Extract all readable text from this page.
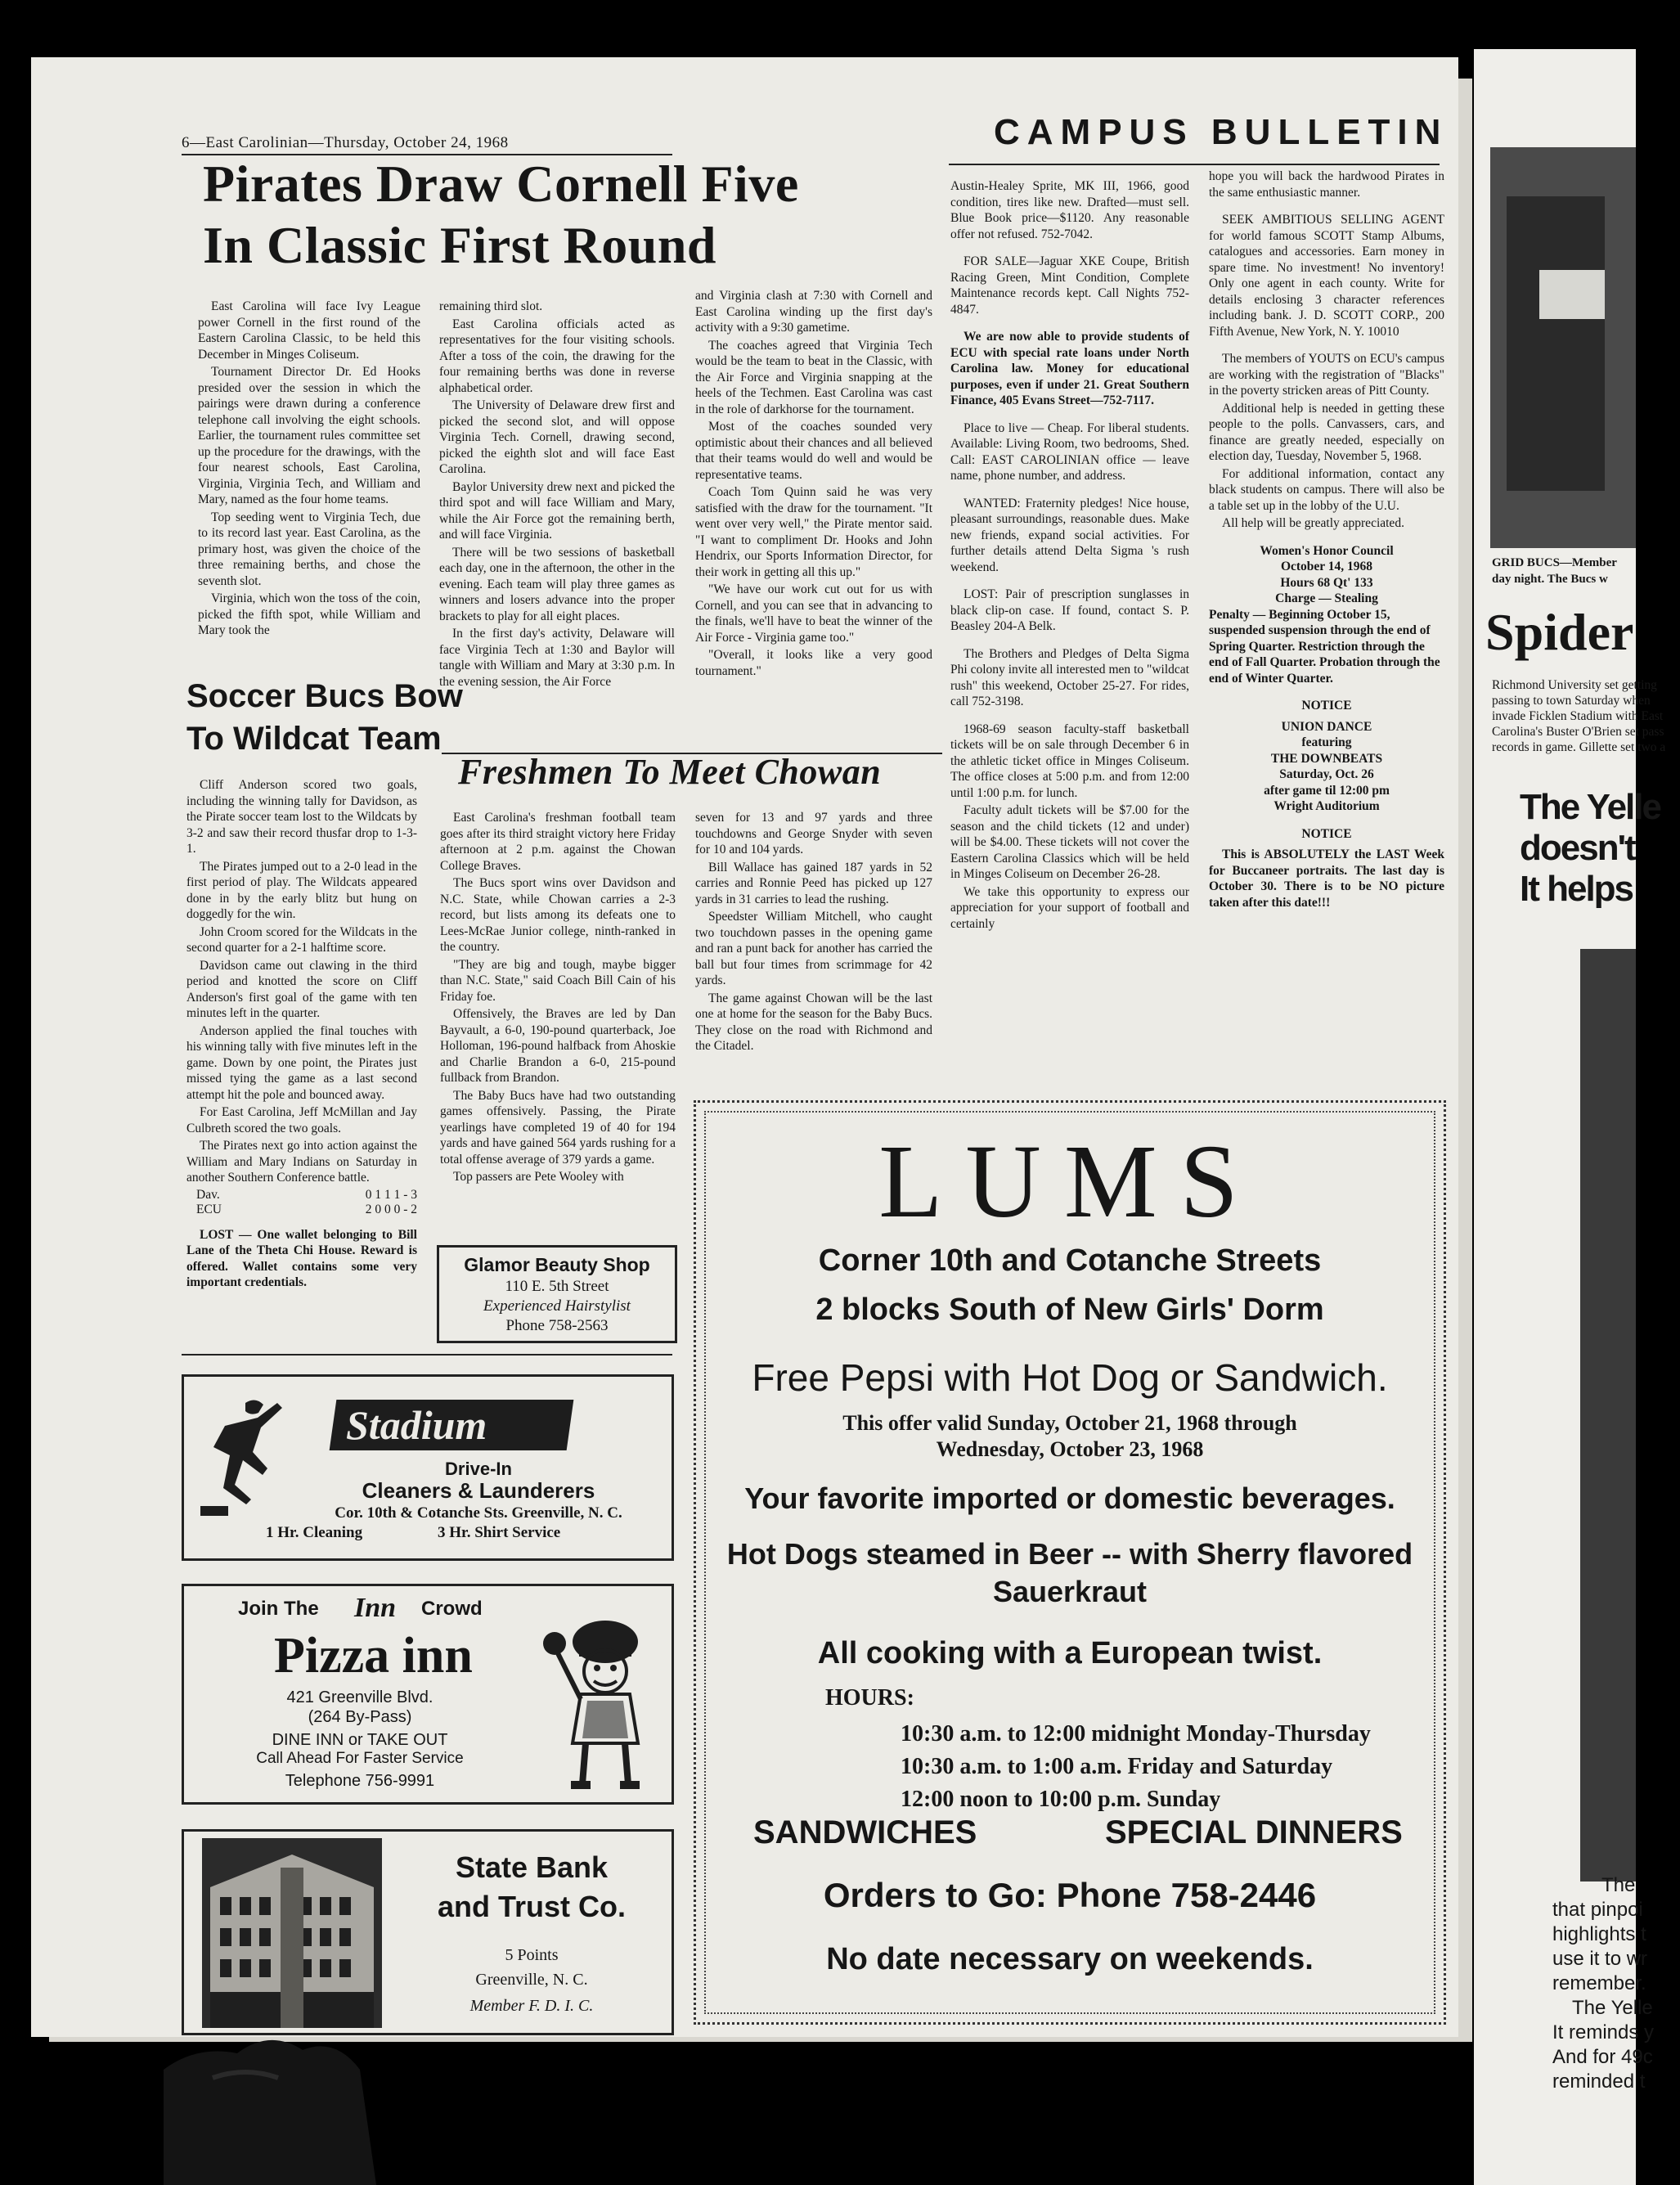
6—East Carolinian—Thursday, October 24, 1968	CAMPUS BULLETIN
Pirates Draw Cornell Five
In Classic First Round

East Carolina will face Ivy League power Cornell in the first round of the Eastern Carolina Classic, to be held this December in Minges Coliseum.

Tournament Director Dr. Ed Hooks presided over the session in which the pairings were drawn during a conference telephone call involving the eight schools. Earlier, the tournament rules committee set up the procedure for the drawings, with the four nearest schools, East Carolina, Virginia, Virginia Tech, and William and Mary, named as the four home teams.

Top seeding went to Virginia Tech, due to its record last year. East Carolina, as the primary host, was given the choice of the three remaining berths, and chose the seventh slot.

Virginia, which won the toss of the coin, picked the fifth spot, while William and Mary took the

remaining third slot.

East Carolina officials acted as representatives for the four visiting schools. After a toss of the coin, the drawing for the four remaining berths was done in reverse alphabetical order.

The University of Delaware drew first and picked the second slot, and will oppose Virginia Tech. Cornell, drawing second, picked the eighth slot and will face East Carolina.

Baylor University drew next and picked the third spot and will face William and Mary, while the Air Force got the remaining berth, and will face Virginia.

There will be two sessions of basketball each day, one in the afternoon, the other in the evening. Each team will play three games as winners and losers advance into the proper brackets to play for all eight places.

In the first day's activity, Delaware will face Virginia Tech at 1:30 and Baylor will tangle with William and Mary at 3:30 p.m. In the evening session, the Air Force

and Virginia clash at 7:30 with Cornell and East Carolina winding up the first day's activity with a 9:30 gametime.

The coaches agreed that Virginia Tech would be the team to beat in the Classic, with the Air Force and Virginia snapping at the heels of the Techmen. East Carolina was cast in the role of darkhorse for the tournament.

Most of the coaches sounded very optimistic about their chances and all believed that their teams would do well and would be representative teams.

Coach Tom Quinn said he was very satisfied with the draw for the tournament. "It went over very well," the Pirate mentor said. "I want to compliment Dr. Hooks and John Hendrix, our Sports Information Director, for their work in getting all this up."

"We have our work cut out for us with Cornell, and you can see that in advancing to the finals, we'll have to beat the winner of the Air Force - Virginia game too."

"Overall, it looks like a very good tournament."

Soccer Bucs Bow
To Wildcat Team

Cliff Anderson scored two goals, including the winning tally for Davidson, as the Pirate soccer team lost to the Wildcats by 3-2 and saw their record thusfar drop to 1-3-1.

The Pirates jumped out to a 2-0 lead in the first period of play. The Wildcats appeared done in by the early blitz but hung on doggedly for the win.

John Croom scored for the Wildcats in the second quarter for a 2-1 halftime score.

Davidson came out clawing in the third period and knotted the score on Cliff Anderson's first goal of the game with ten minutes left in the quarter.

Anderson applied the final touches with his winning tally with five minutes left in the game. Down by one point, the Pirates just missed tying the game as a last second attempt hit the pole and bounced away.

For East Carolina, Jeff McMillan and Jay Culbreth scored the two goals.

The Pirates next go into action against the William and Mary Indians on Saturday in another Southern Conference battle.

Dav.	0 1 1 1 - 3
ECU	2 0 0 0 - 2

LOST — One wallet belonging to Bill Lane of the Theta Chi House. Reward is offered. Wallet contains some very important credentials.

Freshmen To Meet Chowan

East Carolina's freshman football team goes after its third straight victory here Friday afternoon at 2 p.m. against the Chowan College Braves.

The Bucs sport wins over Davidson and N.C. State, while Chowan carries a 2-3 record, but lists among its defeats one to Lees-McRae Junior college, ninth-ranked in the country.

"They are big and tough, maybe bigger than N.C. State," said Coach Bill Cain of his Friday foe.

Offensively, the Braves are led by Dan Bayvault, a 6-0, 190-pound quarterback, Joe Holloman, 196-pound halfback from Ahoskie and Charlie Brandon a 6-0, 215-pound fullback from Brandon.

The Baby Bucs have had two outstanding games offensively. Passing, the Pirate yearlings have completed 19 of 40 for 194 yards and have gained 564 yards rushing for a total offense average of 379 yards a game.

Top passers are Pete Wooley with

seven for 13 and 97 yards and three touchdowns and George Snyder with seven for 10 and 104 yards.

Bill Wallace has gained 187 yards in 52 carries and Ronnie Peed has picked up 127 yards in 31 carries to lead the rushing.

Speedster William Mitchell, who caught two touchdown passes in the opening game and ran a punt back for another has carried the ball but four times from scrimmage for 42 yards.

The game against Chowan will be the last one at home for the season for the Baby Bucs. They close on the road with Richmond and the Citadel.

Austin-Healey Sprite, MK III, 1966, good condition, tires like new. Drafted—must sell. Blue Book price—$1120. Any reasonable offer not refused. 752-7042.

FOR SALE—Jaguar XKE Coupe, British Racing Green, Mint Condition, Complete Maintenance records kept. Call Nights 752-4847.

We are now able to provide students of ECU with special rate loans under North Carolina law. Money for educational purposes, even if under 21. Great Southern Finance, 405 Evans Street—752-7117.

Place to live — Cheap. For liberal students. Available: Living Room, two bedrooms, Shed. Call: EAST CAROLINIAN office — leave name, phone number, and address.

WANTED: Fraternity pledges! Nice house, pleasant surroundings, reasonable dues. Make new friends, expand social activities. For further details attend Delta Sigma 's rush weekend.

LOST: Pair of prescription sunglasses in black clip-on case. If found, contact S. P. Beasley 204-A Belk.

The Brothers and Pledges of Delta Sigma Phi colony invite all interested men to "wildcat rush" this weekend, October 25-27. For rides, call 752-3198.

1968-69 season faculty-staff basketball tickets will be on sale through December 6 in the athletic ticket office in Minges Coliseum. The office closes at 5:00 p.m. and from 12:00 until 1:00 p.m. for lunch.

Faculty adult tickets will be $7.00 for the season and the child tickets (12 and under) will be $4.00. These tickets will not cover the Eastern Carolina Classics which will be held in Minges Coliseum on December 26-28.

We take this opportunity to express our appreciation for your support of football and certainly

hope you will back the hardwood Pirates in the same enthusiastic manner.

SEEK AMBITIOUS SELLING AGENT for world famous SCOTT Stamp Albums, catalogues and accessories. Earn money in spare time. No investment! No inventory! Only one agent in each county. Write for details enclosing 3 character references including bank. J. D. SCOTT CORP., 200 Fifth Avenue, New York, N. Y. 10010

The members of YOUTS on ECU's campus are working with the registration of "Blacks" in the poverty stricken areas of Pitt County.

Additional help is needed in getting these people to the polls. Canvassers, cars, and finance are greatly needed, especially on election day, Tuesday, November 5, 1968.

For additional information, contact any black students on campus. There will also be a table set up in the lobby of the U.U.

All help will be greatly appreciated.

Women's Honor Council
October 14, 1968
Hours 68 Qt' 133
Charge — Stealing

Penalty — Beginning October 15, suspended suspension through the end of Spring Quarter. Restriction through the end of Fall Quarter. Probation through the end of Winter Quarter.

NOTICE
UNION DANCE
featuring
THE DOWNBEATS
Saturday, Oct. 26
after game til 12:00 pm
Wright Auditorium
NOTICE

This is ABSOLUTELY the LAST Week for Buccaneer portraits. The last day is October 30. There is to be NO picture taken after this date!!!

Glamor Beauty Shop
110 E. 5th Street
Experienced Hairstylist
Phone 758-2563
Stadium
Drive-In
Cleaners & Launderers
Cor. 10th & Cotanche Sts. Greenville, N. C.
1 Hr. Cleaning	3 Hr. Shirt Service
Join The Inn Crowd
Pizza inn
421 Greenville Blvd.
(264 By-Pass)
DINE INN or TAKE OUT
Call Ahead For Faster Service
Telephone 756-9991
State Bank
and Trust Co.
5 Points
Greenville, N. C.
Member F. D. I. C.
LUMS
Corner 10th and Cotanche Streets
2 blocks South of New Girls' Dorm
Free Pepsi with Hot Dog or Sandwich.
This offer valid Sunday, October 21, 1968 through
Wednesday, October 23, 1968
Your favorite imported or domestic beverages.
Hot Dogs steamed in Beer -- with Sherry flavored
Sauerkraut
All cooking with a European twist.
HOURS:
10:30 a.m. to 12:00 midnight Monday-Thursday
10:30 a.m. to 1:00 a.m. Friday and Saturday
12:00 noon to 10:00 p.m. Sunday
SANDWICHES	SPECIAL DINNERS
Orders to Go: Phone 758-2446
No date necessary on weekends.
GRID BUCS—Member
day night. The Bucs w
Spider
Richmond University set getting passing to town Saturday when invade Ficklen Stadium with East Carolina's Buster O'Brien set pass records in game. Gillette set two a
The Yelle
doesn't
It helps
The
that pinpoi
highlights t
use it to wr
remember.
The Yelle
It reminds y
And for 49c
reminded t
